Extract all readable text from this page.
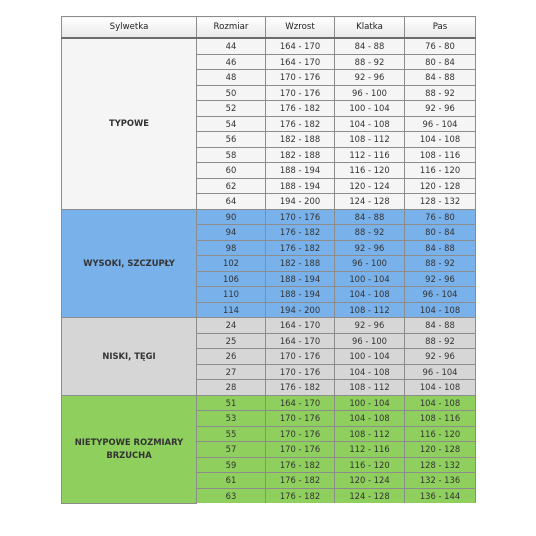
Sylwetka	Rozmiar	Wzrost	Klatka	Pas
TYPOWE	44	164 - 170	84 - 88	76 - 80
	46	164 - 170	88 - 92	80 - 84
	48	170 - 176	92 - 96	84 - 88
	50	170 - 176	96 - 100	88 - 92
	52	176 - 182	100 - 104	92 - 96
	54	176 - 182	104 - 108	96 - 104
	56	182 - 188	108 - 112	104 - 108
	58	182 - 188	112 - 116	108 - 116
	60	188 - 194	116 - 120	116 - 120
	62	188 - 194	120 - 124	120 - 128
	64	194 - 200	124 - 128	128 - 132
WYSOKI, SZCZUPŁY	90	170 - 176	84 - 88	76 - 80
	94	176 - 182	88 - 92	80 - 84
	98	176 - 182	92 - 96	84 - 88
	102	182 - 188	96 - 100	88 - 92
	106	188 - 194	100 - 104	92 - 96
	110	188 - 194	104 - 108	96 - 104
	114	194 - 200	108 - 112	104 - 108
NISKI, TĘGI	24	164 - 170	92 - 96	84 - 88
	25	164 - 170	96 - 100	88 - 92
	26	170 - 176	100 - 104	92 - 96
	27	170 - 176	104 - 108	96 - 104
	28	176 - 182	108 - 112	104 - 108
NIETYPOWE ROZMIARY BRZUCHA	51	164 - 170	100 - 104	104 - 108
	53	170 - 176	104 - 108	108 - 116
	55	170 - 176	108 - 112	116 - 120
	57	170 - 176	112 - 116	120 - 128
	59	176 - 182	116 - 120	128 - 132
	61	176 - 182	120 - 124	132 - 136
	63	176 - 182	124 - 128	136 - 144
